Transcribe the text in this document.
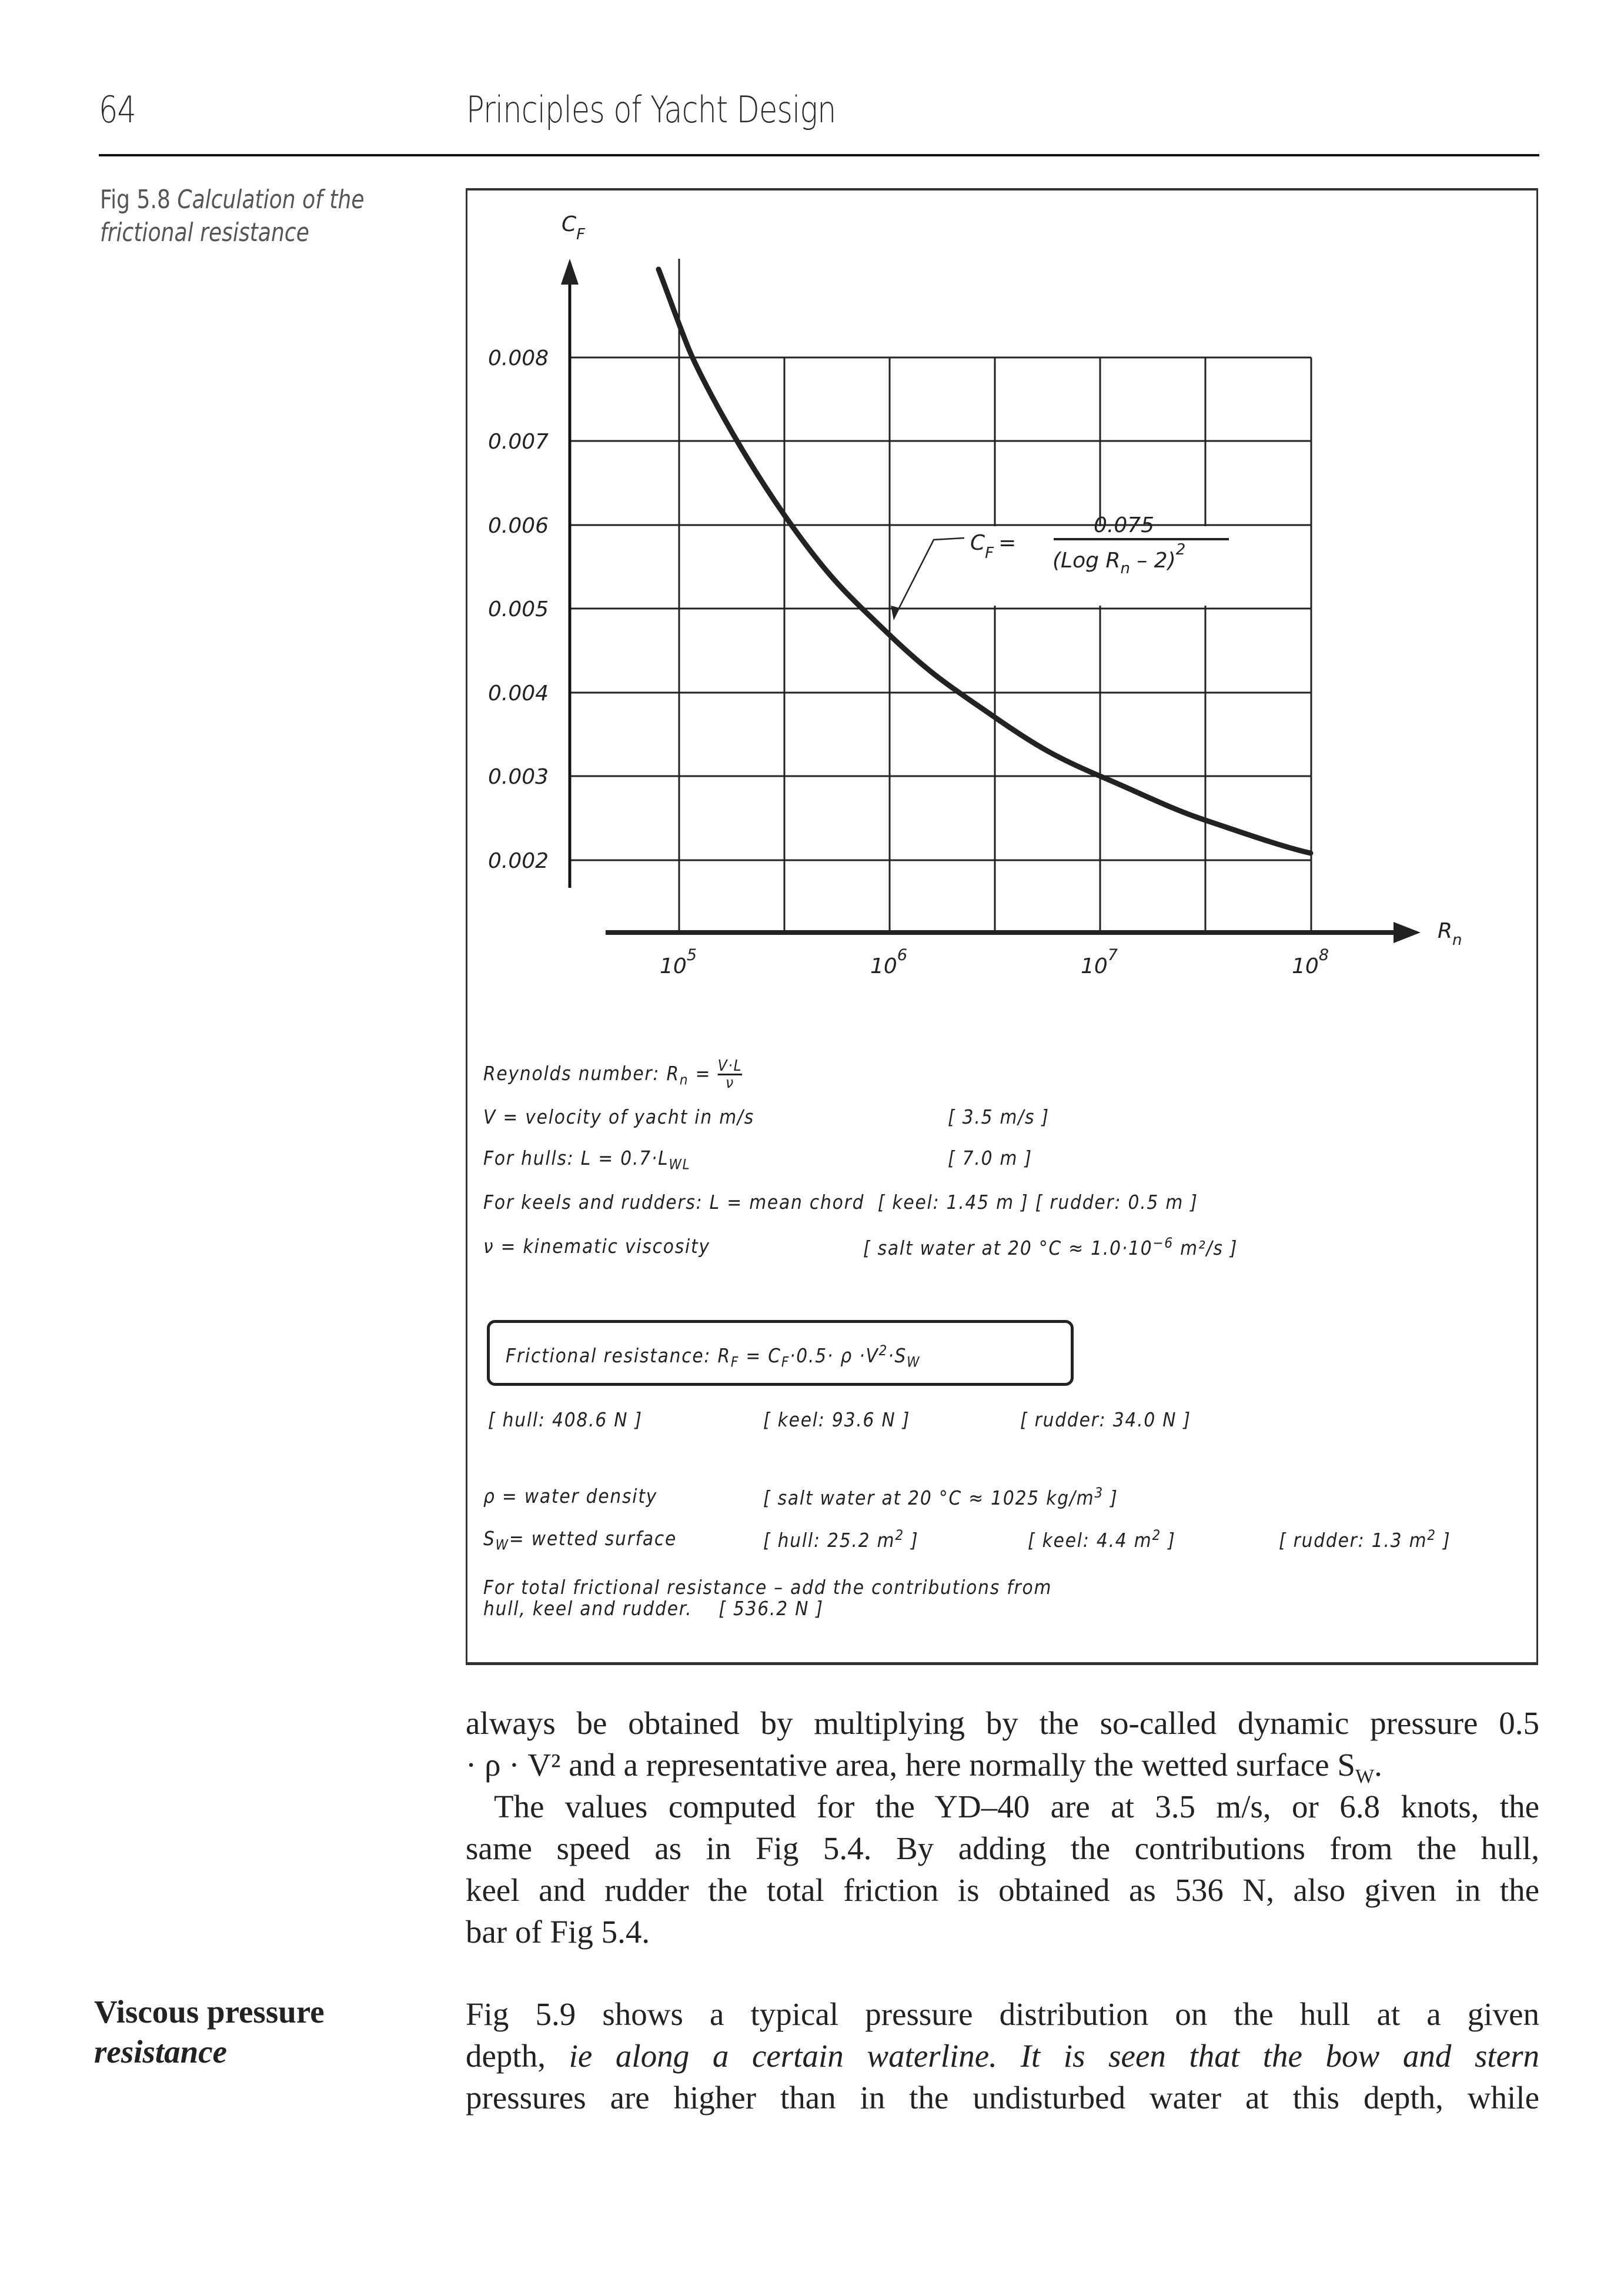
64	Principles of Yacht Design
Fig 5.8 Calculation of the
frictional resistance	$C_F$
$R_n$
0.008
0.007
0.006
0.005
0.004
0.003
0.002
$10^5$	$10^6$	$10^7$	$10^8$
$C_F$ =
0.075
(Log $R_n - 2)^2$
Reynolds number: $R_n = \frac{V\cdot L}{\nu}$
V = velocity of yacht in m/s	[ 3.5 m/s ]
For hulls: $L = 0.7\cdot L_{WL}$	[ 7.0 m ]
For keels and rudders: L = mean chord [ keel: 1.45 m ] [ rudder: 0.5 m ]
ν = kinematic viscosity	[ salt water at 20 $^\circ C \approx 1.0\cdot 10^{-6}$ m²/s ]
Frictional resistance: $R_F = C_F\cdot 0.5\cdot \rho \cdot V^2\cdot S_W$
[ hull: 408.6 N ]	[ keel: 93.6 N ]	[ rudder: 34.0 N ]
ρ = water density	[ salt water at 20 °C ≈ 1025 $kg/m^3$ ]
$S_W=$ wetted surface	[ hull: 25.2 $m^2$ ]	[ keel: 4.4 $m^2$ ]	[ rudder: 1.3 $m^2$ ]
For total frictional resistance – add the contributions from
hull, keel and rudder. [ 536.2 N ]
always be obtained by multiplying by the so-called dynamic pressure 0.5
· ρ · V² and a representative area, here normally the wetted surface $S_W$.
The values computed for the YD–40 are at 3.5 m/s, or 6.8 knots, the
same speed as in Fig 5.4. By adding the contributions from the hull,
keel and rudder the total friction is obtained as 536 N, also given in the
bar of Fig 5.4.
Viscous pressure
resistance
Fig 5.9 shows a typical pressure distribution on the hull at a given
depth, ie along a certain waterline. It is seen that the bow and stern
pressures are higher than in the undisturbed water at this depth, while
